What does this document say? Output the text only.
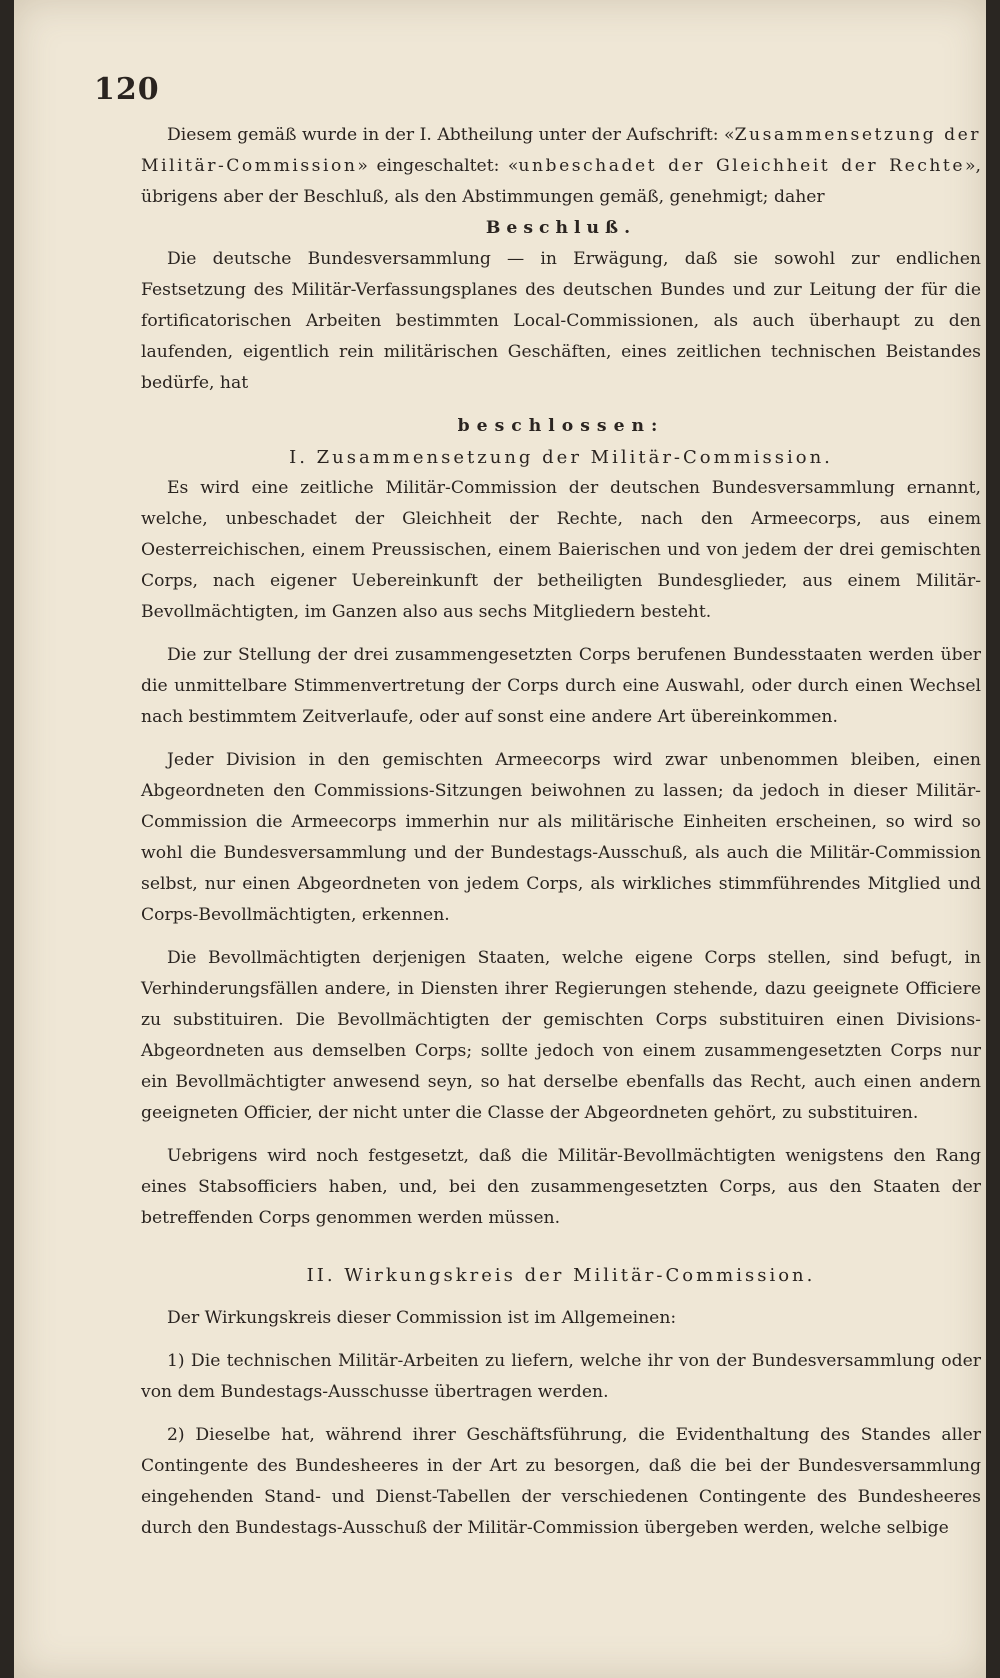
120

Diesem gemäß wurde in der I. Abtheilung unter der Aufschrift: «Zusammensetzung der Militär-Commission» eingeschaltet: «unbeschadet der Gleichheit der Rechte», übrigens aber der Beschluß, als den Abstimmungen gemäß, genehmigt; daher

Beschluß.

Die deutsche Bundesversammlung — in Erwägung, daß sie sowohl zur endlichen Festsetzung des Militär-Verfassungsplanes des deutschen Bundes und zur Leitung der für die fortificatorischen Arbeiten bestimmten Local-Commissionen, als auch überhaupt zu den laufenden, eigentlich rein militärischen Geschäften, eines zeitlichen technischen Beistandes bedürfe, hat

beschlossen:

I. Zusammensetzung der Militär-Commission.

Es wird eine zeitliche Militär-Commission der deutschen Bundesversammlung ernannt, welche, unbeschadet der Gleichheit der Rechte, nach den Armeecorps, aus einem Oesterreichischen, einem Preussischen, einem Baierischen und von jedem der drei gemischten Corps, nach eigener Uebereinkunft der betheiligten Bundesglieder, aus einem Militär-Bevollmächtigten, im Ganzen also aus sechs Mitgliedern besteht.

Die zur Stellung der drei zusammengesetzten Corps berufenen Bundesstaaten werden über die unmittelbare Stimmenvertretung der Corps durch eine Auswahl, oder durch einen Wechsel nach bestimmtem Zeitverlaufe, oder auf sonst eine andere Art übereinkommen.

Jeder Division in den gemischten Armeecorps wird zwar unbenommen bleiben, einen Abgeordneten den Commissions-Sitzungen beiwohnen zu lassen; da jedoch in dieser Militär-Commission die Armeecorps immerhin nur als militärische Einheiten erscheinen, so wird so wohl die Bundesversammlung und der Bundestags-Ausschuß, als auch die Militär-Commission selbst, nur einen Abgeordneten von jedem Corps, als wirkliches stimmführendes Mitglied und Corps-Bevollmächtigten, erkennen.

Die Bevollmächtigten derjenigen Staaten, welche eigene Corps stellen, sind befugt, in Verhinderungsfällen andere, in Diensten ihrer Regierungen stehende, dazu geeignete Officiere zu substituiren. Die Bevollmächtigten der gemischten Corps substituiren einen Divisions-Abgeordneten aus demselben Corps; sollte jedoch von einem zusammengesetzten Corps nur ein Bevollmächtigter anwesend seyn, so hat derselbe ebenfalls das Recht, auch einen andern geeigneten Officier, der nicht unter die Classe der Abgeordneten gehört, zu substituiren.

Uebrigens wird noch festgesetzt, daß die Militär-Bevollmächtigten wenigstens den Rang eines Stabsofficiers haben, und, bei den zusammengesetzten Corps, aus den Staaten der betreffenden Corps genommen werden müssen.

II. Wirkungskreis der Militär-Commission.

Der Wirkungskreis dieser Commission ist im Allgemeinen:

1) Die technischen Militär-Arbeiten zu liefern, welche ihr von der Bundesversammlung oder von dem Bundestags-Ausschusse übertragen werden.

2) Dieselbe hat, während ihrer Geschäftsführung, die Evidenthaltung des Standes aller Contingente des Bundesheeres in der Art zu besorgen, daß die bei der Bundesversammlung eingehenden Stand- und Dienst-Tabellen der verschiedenen Contingente des Bundesheeres durch den Bundestags-Ausschuß der Militär-Commission übergeben werden, welche selbige
